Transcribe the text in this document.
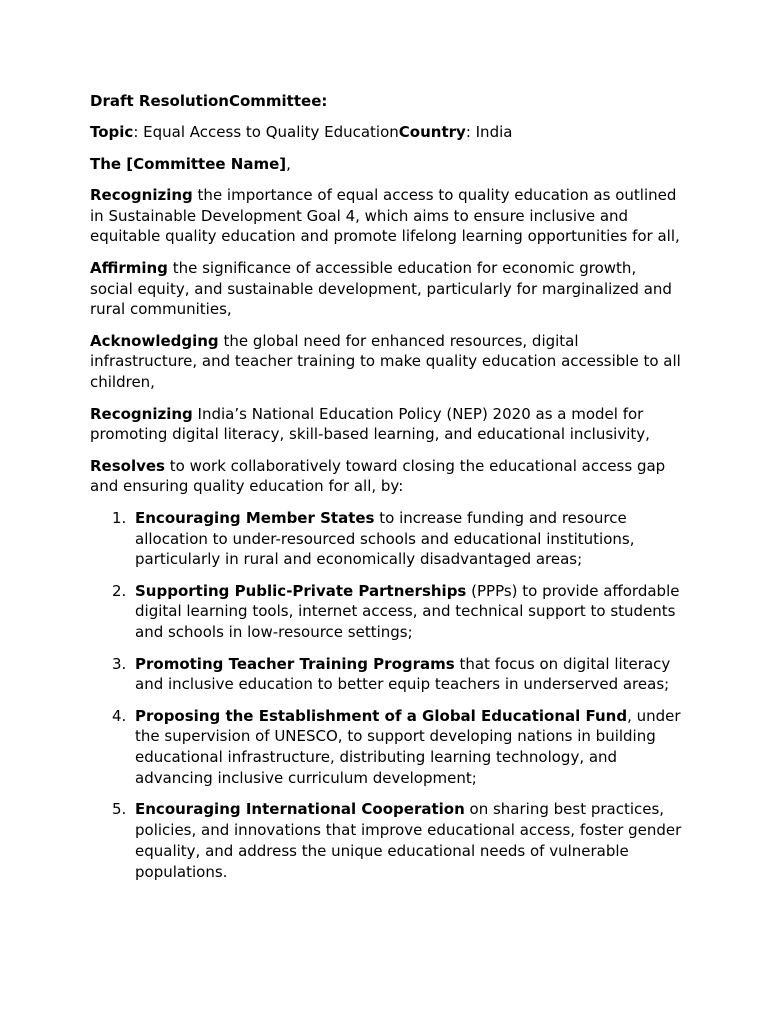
Draft ResolutionCommittee:

Topic: Equal Access to Quality EducationCountry: India

The [Committee Name],

Recognizing the importance of equal access to quality education as outlined in Sustainable Development Goal 4, which aims to ensure inclusive and equitable quality education and promote lifelong learning opportunities for all,

Affirming the significance of accessible education for economic growth, social equity, and sustainable development, particularly for marginalized and rural communities,

Acknowledging the global need for enhanced resources, digital infrastructure, and teacher training to make quality education accessible to all children,

Recognizing India’s National Education Policy (NEP) 2020 as a model for promoting digital literacy, skill-based learning, and educational inclusivity,

Resolves to work collaboratively toward closing the educational access gap and ensuring quality education for all, by:

1. Encouraging Member States to increase funding and resource allocation to under-resourced schools and educational institutions, particularly in rural and economically disadvantaged areas;
2. Supporting Public-Private Partnerships (PPPs) to provide affordable digital learning tools, internet access, and technical support to students and schools in low-resource settings;
3. Promoting Teacher Training Programs that focus on digital literacy and inclusive education to better equip teachers in underserved areas;
4. Proposing the Establishment of a Global Educational Fund, under the supervision of UNESCO, to support developing nations in building educational infrastructure, distributing learning technology, and advancing inclusive curriculum development;
5. Encouraging International Cooperation on sharing best practices, policies, and innovations that improve educational access, foster gender equality, and address the unique educational needs of vulnerable populations.
